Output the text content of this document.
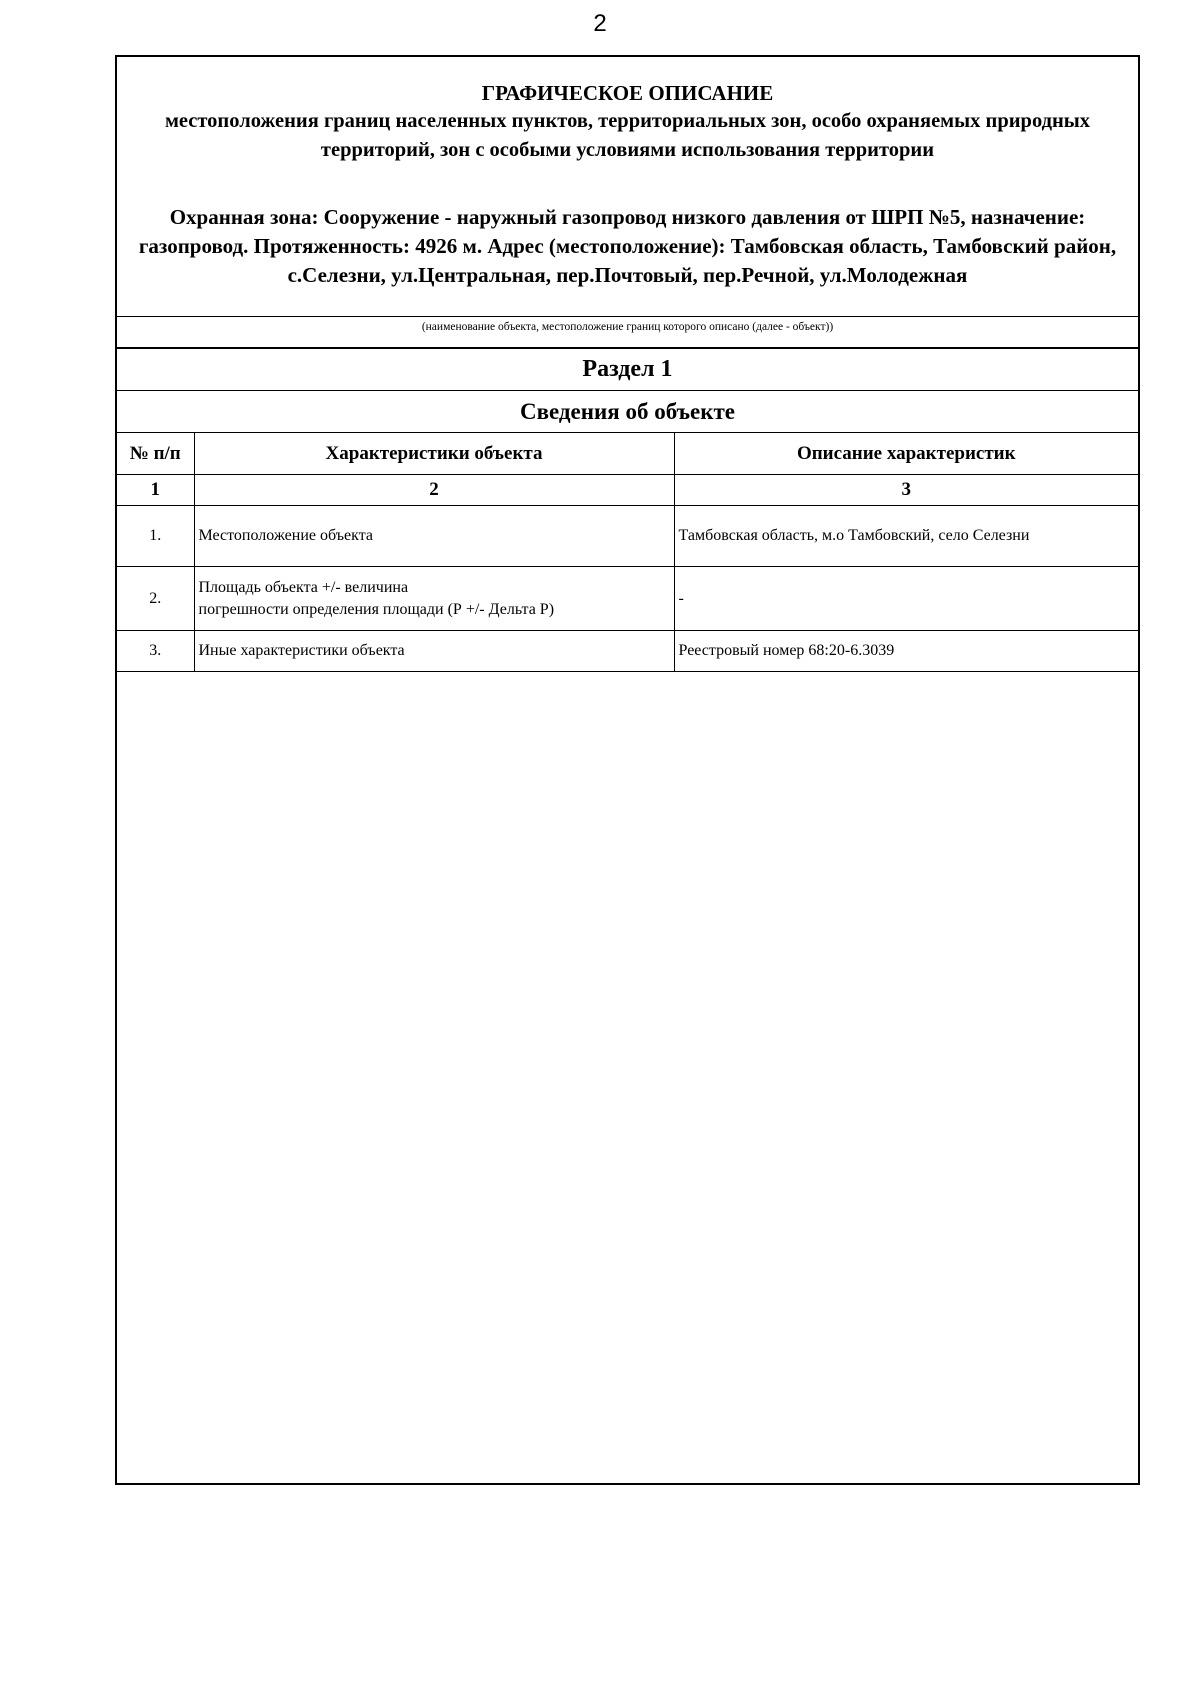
2
ГРАФИЧЕСКОЕ ОПИСАНИЕ
местоположения границ населенных пунктов, территориальных зон, особо охраняемых природных территорий, зон с особыми условиями использования территории
Охранная зона: Сооружение - наружный газопровод низкого давления от ШРП №5, назначение: газопровод. Протяженность: 4926 м. Адрес (местоположение): Тамбовская область, Тамбовский район, с.Селезни, ул.Центральная, пер.Почтовый, пер.Речной, ул.Молодежная
(наименование объекта, местоположение границ которого описано (далее - объект))
Раздел 1
Сведения об объекте
№ п/п	Характеристики объекта	Описание характеристик
1	2	3
1.	Местоположение объекта	Тамбовская область, м.о Тамбовский, село Селезни
2.	Площадь объекта +/- величина
погрешности определения площади (Р +/- Дельта Р)	-
3.	Иные характеристики объекта	Реестровый номер 68:20-6.3039
